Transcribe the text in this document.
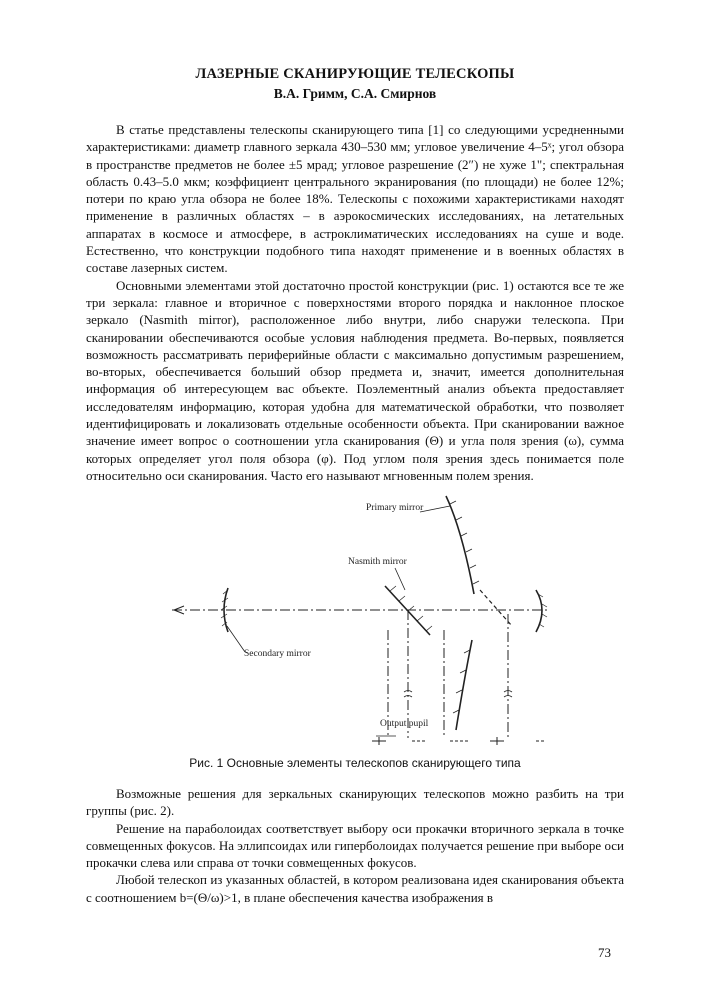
ЛАЗЕРНЫЕ СКАНИРУЮЩИЕ ТЕЛЕСКОПЫ
В.А. Гримм, С.А. Смирнов

В статье представлены телескопы сканирующего типа [1] со следующими усредненными характеристиками: диаметр главного зеркала 430–530 мм; угловое увеличение 4–5ˣ; угол обзора в пространстве предметов не более ±5 мрад; угловое разрешение (2″) не хуже 1"; спектральная область 0.43–5.0 мкм; коэффициент центрального экранирования (по площади) не более 12%; потери по краю угла обзора не более 18%. Телескопы с похожими характеристиками находят применение в различных областях – в аэрокосмических исследованиях, на летательных аппаратах в космосе и атмосфере, в астроклиматических исследованиях на суше и воде. Естественно, что конструкции подобного типа находят применение и в военных областях в составе лазерных систем.

Основными элементами этой достаточно простой конструкции (рис. 1) остаются все те же три зеркала: главное и вторичное с поверхностями второго порядка и наклонное плоское зеркало (Nasmith mirror), расположенное либо внутри, либо снаружи телескопа. При сканировании обеспечиваются особые условия наблюдения предмета. Во-первых, появляется возможность рассматривать периферийные области с максимально допустимым разрешением, во-вторых, обеспечивается больший обзор предмета и, значит, имеется дополнительная информация об интересующем вас объекте. Поэлементный анализ объекта предоставляет исследователям информацию, которая удобна для математической обработки, что позволяет идентифицировать и локализовать отдельные особенности объекта. При сканировании важное значение имеет вопрос о соотношении угла сканирования (Θ) и угла поля зрения (ω), сумма которых определяет угол поля обзора (φ). Под углом поля зрения здесь понимается поле относительно оси сканирования. Часто его называют мгновенным полем зрения.

Primary mirror
Nasmith mirror
Secondary mirror
Output pupil
Рис. 1 Основные элементы телескопов сканирующего типа

Возможные решения для зеркальных сканирующих телескопов можно разбить на три группы (рис. 2).

Решение на параболоидах соответствует выбору оси прокачки вторичного зеркала в точке совмещенных фокусов. На эллипсоидах или гиперболоидах получается решение при выборе оси прокачки слева или справа от точки совмещенных фокусов.

Любой телескоп из указанных областей, в котором реализована идея сканирования объекта с соотношением b=(Θ/ω)>1, в плане обеспечения качества изображения в

73
